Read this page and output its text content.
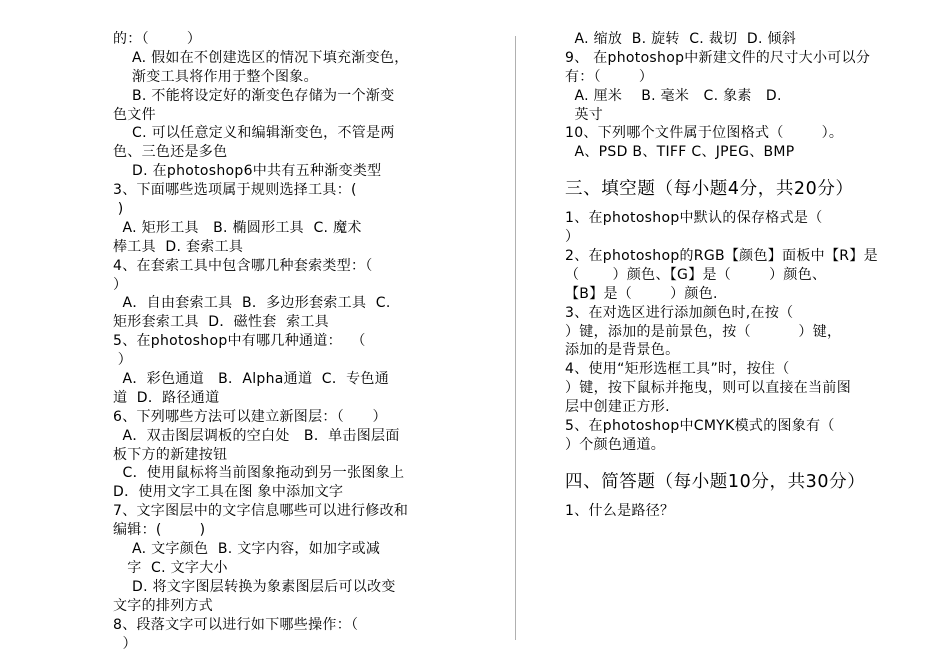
的：（        ）
A. 假如在不创建选区的情况下填充渐变色，
渐变工具将作用于整个图象。
B. 不能将设定好的渐变色存储为一个渐变
色文件
C. 可以任意定义和编辑渐变色，不管是两
色、三色还是多色
D. 在photoshop6中共有五种渐变类型
3、下面哪些选项属于规则选择工具：(
)
A. 矩形工具   B. 椭圆形工具  C. 魔术
棒工具  D. 套索工具
4、在套索工具中包含哪几种套索类型：（
）
A．自由套索工具  B．多边形套索工具  C.
矩形套索工具  D．磁性套  索工具
5、在photoshop中有哪几种通道：  （
）
A．彩色通道   B．Alpha通道  C．专色通
道  D．路径通道
6、下列哪些方法可以建立新图层：（      ）
A．双击图层调板的空白处   B．单击图层面
板下方的新建按钮
C．使用鼠标将当前图象拖动到另一张图象上
D．使用文字工具在图 象中添加文字
7、文字图层中的文字信息哪些可以进行修改和
编辑：(        )
A. 文字颜色  B. 文字内容，如加字或减
字  C. 文字大小
D. 将文字图层转换为象素图层后可以改变
文字的排列方式
8、段落文字可以进行如下哪些操作：（
）
A. 缩放  B. 旋转  C. 裁切  D. 倾斜
9、 在photoshop中新建文件的尺寸大小可以分
有：（        ）
A. 厘米    B. 毫米   C. 象素   D.
英寸
10、下列哪个文件属于位图格式（        ）。
A、PSD B、TIFF C、JPEG、BMP
三、填空题（每小题4分，共20分）
1、在photoshop中默认的保存格式是（
）
2、在photoshop的RGB【颜色】面板中【R】是
（       ）颜色、【G】是（        ）颜色、
【B】是（        ）颜色.
3、在对选区进行添加颜色时,在按（
）键，添加的是前景色，按（          ）键，
添加的是背景色。
4、使用“矩形选框工具”时，按住（
）键，按下鼠标并拖曳，则可以直接在当前图
层中创建正方形.
5、在photoshop中CMYK模式的图象有（
）个颜色通道。
四、简答题（每小题10分，共30分）
1、什么是路径？
